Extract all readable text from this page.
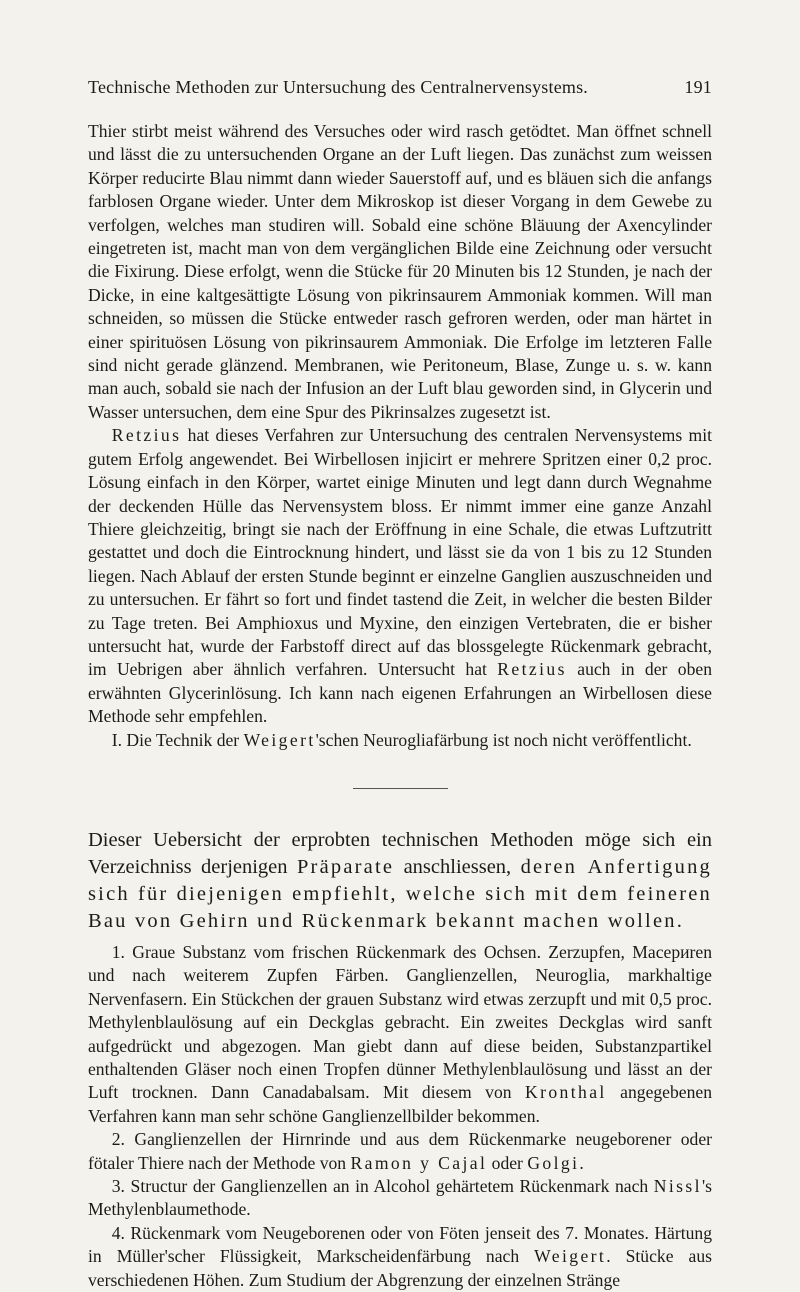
Technische Methoden zur Untersuchung des Centralnervensystems.	191

Thier stirbt meist während des Versuches oder wird rasch getödtet. Man öffnet schnell und lässt die zu untersuchenden Organe an der Luft liegen. Das zunächst zum weissen Körper reducirte Blau nimmt dann wieder Sauerstoff auf, und es bläuen sich die anfangs farblosen Organe wieder. Unter dem Mikroskop ist dieser Vorgang in dem Gewebe zu verfolgen, welches man studiren will. Sobald eine schöne Bläuung der Axencylinder eingetreten ist, macht man von dem vergänglichen Bilde eine Zeichnung oder versucht die Fixirung. Diese erfolgt, wenn die Stücke für 20 Minuten bis 12 Stunden, je nach der Dicke, in eine kaltgesättigte Lösung von pikrinsaurem Ammoniak kommen. Will man schneiden, so müssen die Stücke entweder rasch gefroren werden, oder man härtet in einer spirituösen Lösung von pikrinsaurem Ammoniak. Die Erfolge im letzteren Falle sind nicht gerade glänzend. Membranen, wie Peritoneum, Blase, Zunge u. s. w. kann man auch, sobald sie nach der Infusion an der Luft blau geworden sind, in Glycerin und Wasser untersuchen, dem eine Spur des Pikrinsalzes zugesetzt ist.

Retzius hat dieses Verfahren zur Untersuchung des centralen Nervensystems mit gutem Erfolg angewendet. Bei Wirbellosen injicirt er mehrere Spritzen einer 0,2 proc. Lösung einfach in den Körper, wartet einige Minuten und legt dann durch Wegnahme der deckenden Hülle das Nervensystem bloss. Er nimmt immer eine ganze Anzahl Thiere gleichzeitig, bringt sie nach der Eröffnung in eine Schale, die etwas Luftzutritt gestattet und doch die Eintrocknung hindert, und lässt sie da von 1 bis zu 12 Stunden liegen. Nach Ablauf der ersten Stunde beginnt er einzelne Ganglien auszuschneiden und zu untersuchen. Er fährt so fort und findet tastend die Zeit, in welcher die besten Bilder zu Tage treten. Bei Amphioxus und Myxine, den einzigen Vertebraten, die er bisher untersucht hat, wurde der Farbstoff direct auf das blossgelegte Rückenmark gebracht, im Uebrigen aber ähnlich verfahren. Untersucht hat Retzius auch in der oben erwähnten Glycerinlösung. Ich kann nach eigenen Erfahrungen an Wirbellosen diese Methode sehr empfehlen.

I. Die Technik der Weigert'schen Neurogliafärbung ist noch nicht veröffentlicht.

Dieser Uebersicht der erprobten technischen Methoden möge sich ein Verzeichniss derjenigen Präparate anschliessen, deren Anfertigung sich für diejenigen empfiehlt, welche sich mit dem feineren Bau von Gehirn und Rückenmark bekannt machen wollen.

1. Graue Substanz vom frischen Rückenmark des Ochsen. Zerzupfen, Macериren und nach weiterem Zupfen Färben. Ganglienzellen, Neuroglia, markhaltige Nervenfasern. Ein Stückchen der grauen Substanz wird etwas zerzupft und mit 0,5 proc. Methylenblaulösung auf ein Deckglas gebracht. Ein zweites Deckglas wird sanft aufgedrückt und abgezogen. Man giebt dann auf diese beiden, Substanzpartikel enthaltenden Gläser noch einen Tropfen dünner Methylenblaulösung und lässt an der Luft trocknen. Dann Canadabalsam. Mit diesem von Kronthal angegebenen Verfahren kann man sehr schöne Ganglienzellbilder bekommen.

2. Ganglienzellen der Hirnrinde und aus dem Rückenmarke neugeborener oder fötaler Thiere nach der Methode von Ramon y Cajal oder Golgi.

3. Structur der Ganglienzellen an in Alcohol gehärtetem Rückenmark nach Nissl's Methylenblaumethode.

4. Rückenmark vom Neugeborenen oder von Föten jenseit des 7. Monates. Härtung in Müller'scher Flüssigkeit, Markscheidenfärbung nach Weigert. Stücke aus verschiedenen Höhen. Zum Studium der Abgrenzung der einzelnen Stränge
